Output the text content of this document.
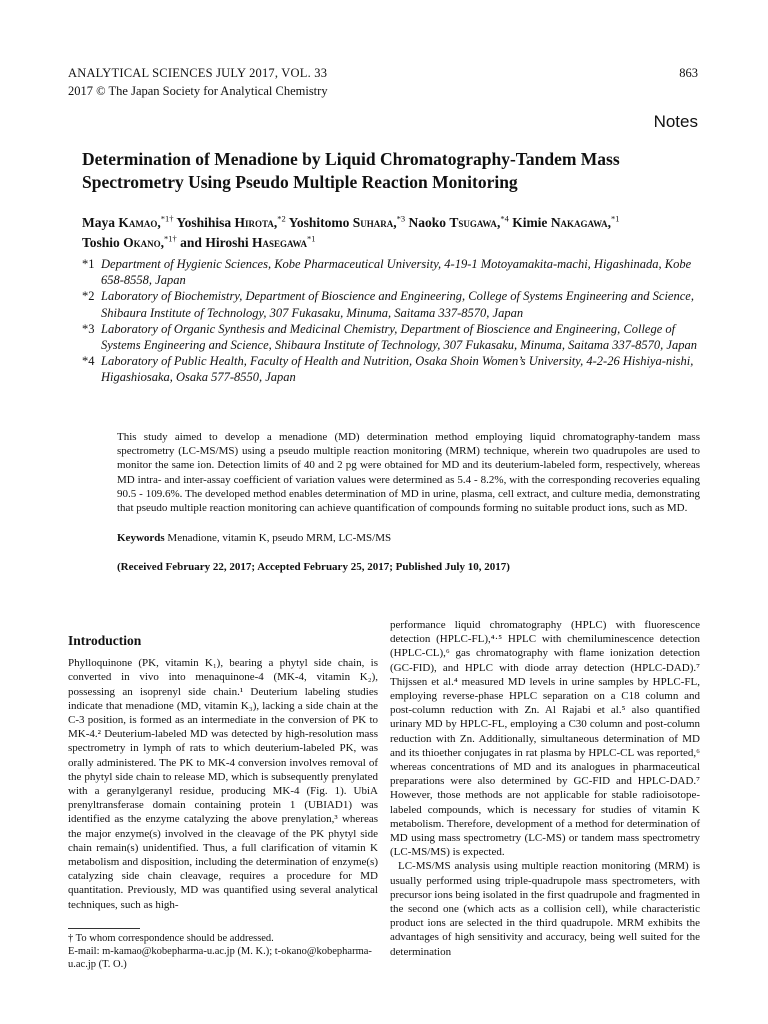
ANALYTICAL SCIENCES JULY 2017, VOL. 33
2017 © The Japan Society for Analytical Chemistry
863
Notes
Determination of Menadione by Liquid Chromatography-Tandem Mass Spectrometry Using Pseudo Multiple Reaction Monitoring
Maya Kamao,$^{*1\dagger}$ Yoshihisa Hirota,$^{*2}$ Yoshitomo Suhara,$^{*3}$ Naoko Tsugawa,$^{*4}$ Kimie Nakagawa,$^{*1}$
Toshio Okano,$^{*1\dagger}$ and Hiroshi Hasegawa$^{*1}$
*1 Department of Hygienic Sciences, Kobe Pharmaceutical University, 4-19-1 Motoyamakita-machi, Higashinada, Kobe 658-8558, Japan
*2 Laboratory of Biochemistry, Department of Bioscience and Engineering, College of Systems Engineering and Science, Shibaura Institute of Technology, 307 Fukasaku, Minuma, Saitama 337-8570, Japan
*3 Laboratory of Organic Synthesis and Medicinal Chemistry, Department of Bioscience and Engineering, College of Systems Engineering and Science, Shibaura Institute of Technology, 307 Fukasaku, Minuma, Saitama 337-8570, Japan
*4 Laboratory of Public Health, Faculty of Health and Nutrition, Osaka Shoin Women’s University, 4-2-26 Hishiya-nishi, Higashiosaka, Osaka 577-8550, Japan
This study aimed to develop a menadione (MD) determination method employing liquid chromatography-tandem mass spectrometry (LC-MS/MS) using a pseudo multiple reaction monitoring (MRM) technique, wherein two quadrupoles are used to monitor the same ion. Detection limits of 40 and 2 pg were obtained for MD and its deuterium-labeled form, respectively, whereas MD intra- and inter-assay coefficient of variation values were determined as 5.4 - 8.2%, with the corresponding recoveries equaling 90.5 - 109.6%. The developed method enables determination of MD in urine, plasma, cell extract, and culture media, demonstrating that pseudo multiple reaction monitoring can achieve quantification of compounds forming no suitable product ions, such as MD.
Keywords Menadione, vitamin K, pseudo MRM, LC-MS/MS
(Received February 22, 2017; Accepted February 25, 2017; Published July 10, 2017)
Introduction

Phylloquinone (PK, vitamin K₁), bearing a phytyl side chain, is converted in vivo into menaquinone-4 (MK-4, vitamin K₂), possessing an isoprenyl side chain.¹ Deuterium labeling studies indicate that menadione (MD, vitamin K₃), lacking a side chain at the C-3 position, is formed as an intermediate in the conversion of PK to MK-4.² Deuterium-labeled MD was detected by high-resolution mass spectrometry in lymph of rats to which deuterium-labeled PK, was orally administered. The PK to MK-4 conversion involves removal of the phytyl side chain to release MD, which is subsequently prenylated with a geranylgeranyl residue, producing MK-4 (Fig. 1). UbiA prenyltransferase domain containing protein 1 (UBIAD1) was identified as the enzyme catalyzing the above prenylation,³ whereas the major enzyme(s) involved in the cleavage of the PK phytyl side chain remain(s) unidentified. Thus, a full clarification of vitamin K metabolism and disposition, including the determination of enzyme(s) catalyzing side chain cleavage, requires a procedure for MD quantitation. Previously, MD was quantified using several analytical techniques, such as high-

performance liquid chromatography (HPLC) with fluorescence detection (HPLC-FL),⁴·⁵ HPLC with chemiluminescence detection (HPLC-CL),⁶ gas chromatography with flame ionization detection (GC-FID), and HPLC with diode array detection (HPLC-DAD).⁷ Thijssen et al.⁴ measured MD levels in urine samples by HPLC-FL, employing reverse-phase HPLC separation on a C18 column and post-column reduction with Zn. Al Rajabi et al.⁵ also quantified urinary MD by HPLC-FL, employing a C30 column and post-column reduction with Zn. Additionally, simultaneous determination of MD and its thioether conjugates in rat plasma by HPLC-CL was reported,⁶ whereas concentrations of MD and its analogues in pharmaceutical preparations were also determined by GC-FID and HPLC-DAD.⁷ However, those methods are not applicable for stable radioisotope-labeled compounds, which is necessary for studies of vitamin K metabolism. Therefore, development of a method for determination of MD using mass spectrometry (LC-MS) or tandem mass spectrometry (LC-MS/MS) is expected.

LC-MS/MS analysis using multiple reaction monitoring (MRM) is usually performed using triple-quadrupole mass spectrometers, with precursor ions being isolated in the first quadrupole and fragmented in the second one (which acts as a collision cell), while characteristic product ions are selected in the third quadrupole. MRM exhibits the advantages of high sensitivity and accuracy, being well suited for the determination

† To whom correspondence should be addressed.
E-mail: m-kamao@kobepharma-u.ac.jp (M. K.); t-okano@kobepharma-u.ac.jp (T. O.)
